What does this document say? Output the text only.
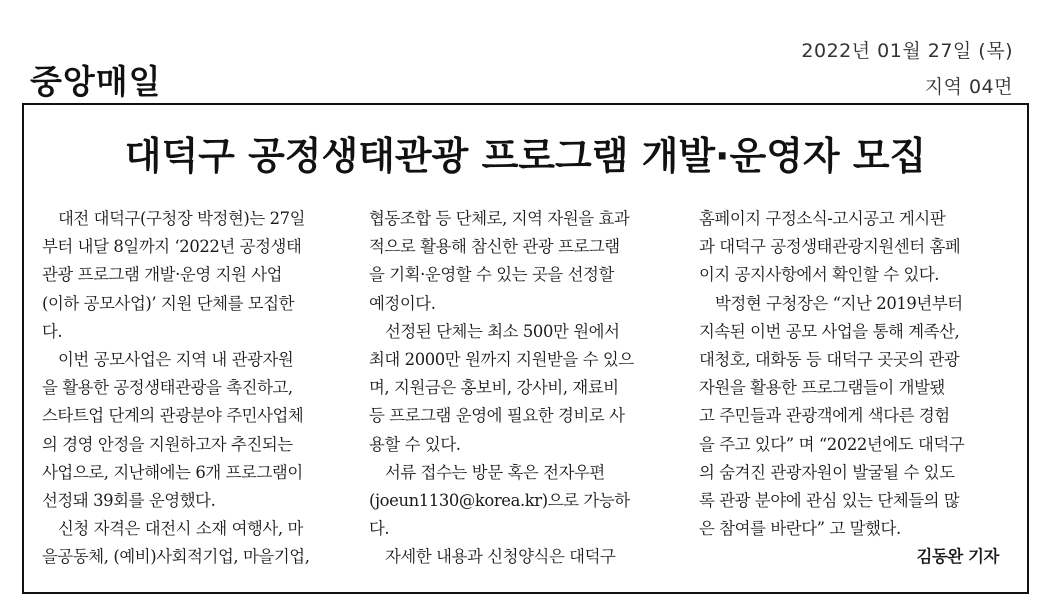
중앙매일
2022년 01월 27일 (목)
지역 04면
대덕구 공정생태관광 프로그램 개발·운영자 모집
　대전 대덕구(구청장 박정현)는 27일
부터 내달 8일까지 ‘2022년 공정생태
관광 프로그램 개발·운영 지원 사업
(이하 공모사업)’ 지원 단체를 모집한
다.
　이번 공모사업은 지역 내 관광자원
을 활용한 공정생태관광을 촉진하고,
스타트업 단계의 관광분야 주민사업체
의 경영 안정을 지원하고자 추진되는
사업으로, 지난해에는 6개 프로그램이
선정돼 39회를 운영했다.
　신청 자격은 대전시 소재 여행사, 마
을공동체, (예비)사회적기업, 마을기업,
협동조합 등 단체로, 지역 자원을 효과
적으로 활용해 참신한 관광 프로그램
을 기획·운영할 수 있는 곳을 선정할
예정이다.
　선정된 단체는 최소 500만 원에서
최대 2000만 원까지 지원받을 수 있으
며, 지원금은 홍보비, 강사비, 재료비
등 프로그램 운영에 필요한 경비로 사
용할 수 있다.
　서류 접수는 방문 혹은 전자우편
(joeun1130@korea.kr)으로 가능하
다.
　자세한 내용과 신청양식은 대덕구
홈페이지 구정소식-고시공고 게시판
과 대덕구 공정생태관광지원센터 홈페
이지 공지사항에서 확인할 수 있다.
　박정현 구청장은 “지난 2019년부터
지속된 이번 공모 사업을 통해 계족산,
대청호, 대화동 등 대덕구 곳곳의 관광
자원을 활용한 프로그램들이 개발됐
고 주민들과 관광객에게 색다른 경험
을 주고 있다” 며 “2022년에도 대덕구
의 숨겨진 관광자원이 발굴될 수 있도
록 관광 분야에 관심 있는 단체들의 많
은 참여를 바란다” 고 말했다.
김동완 기자
